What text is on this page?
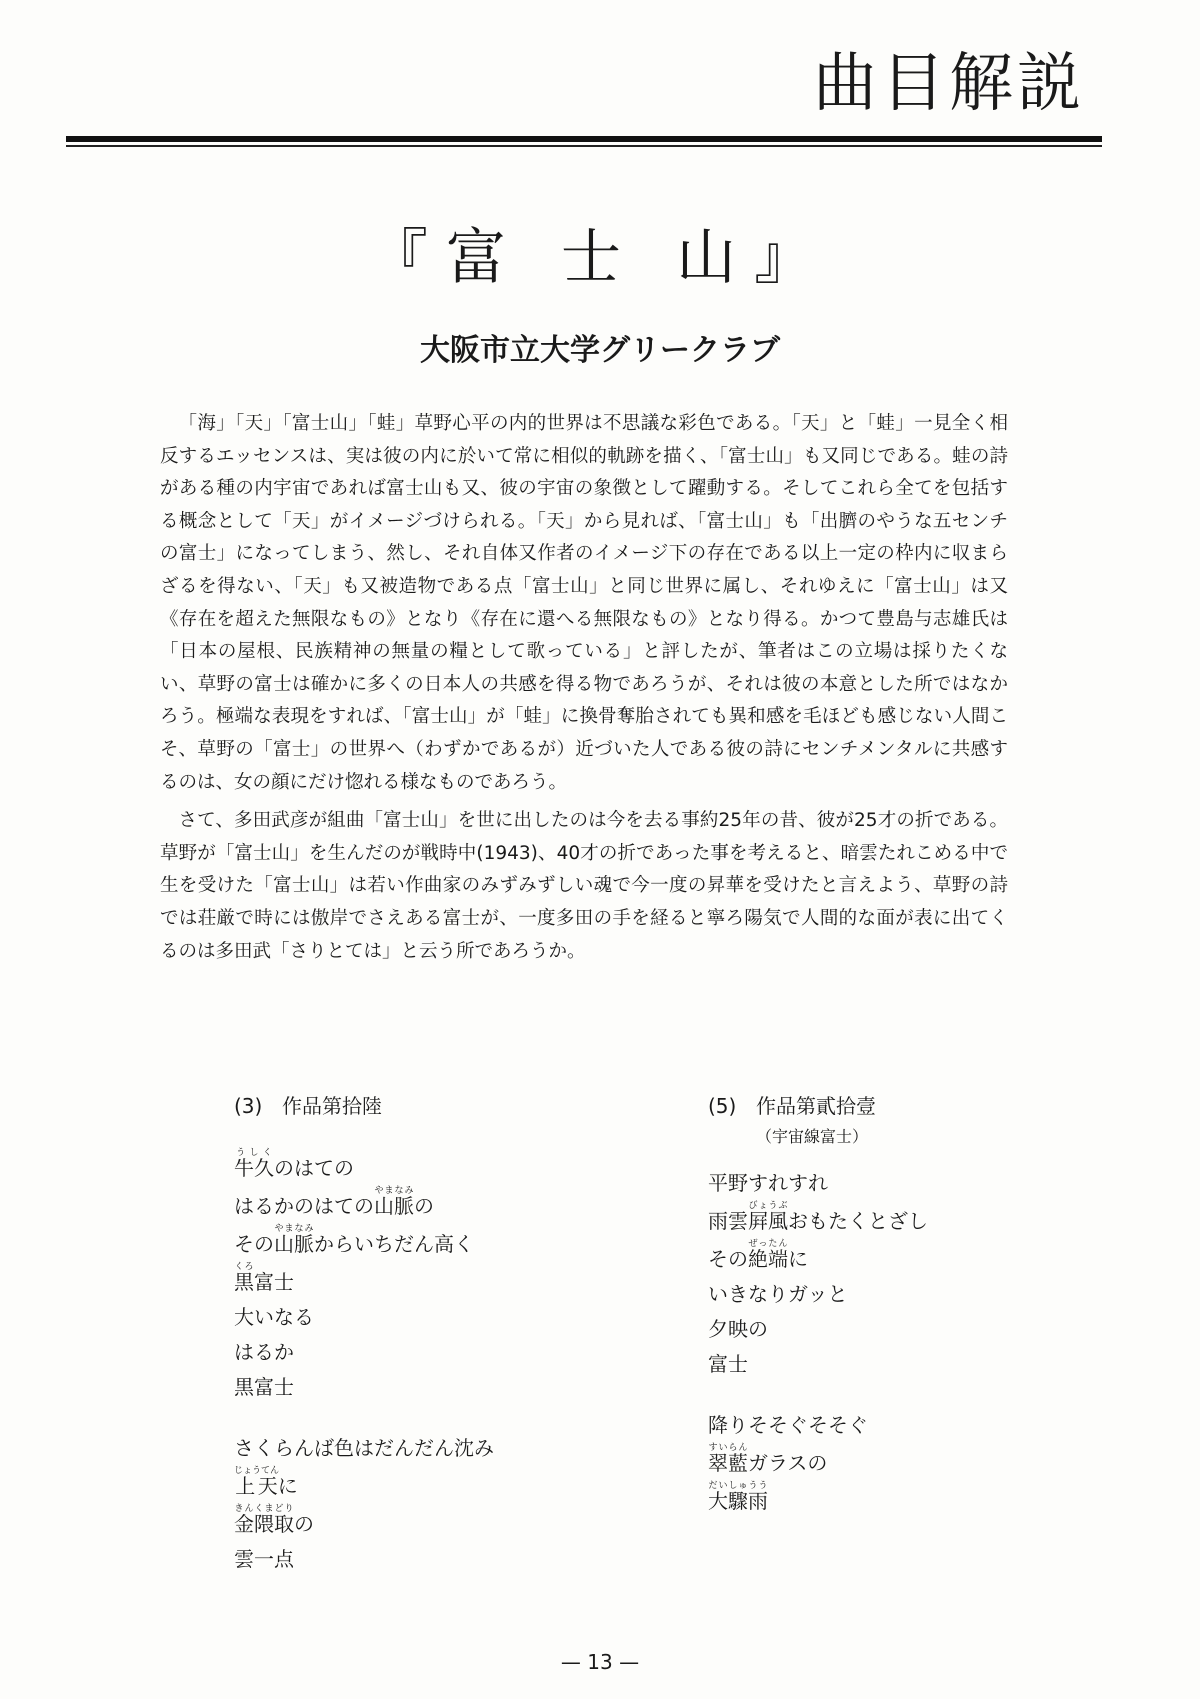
曲目解説
『富 士 山』
大阪市立大学グリークラブ

「海」「天」「富士山」「蛙」草野心平の内的世界は不思議な彩色である。「天」と「蛙」一見全く相反するエッセンスは、実は彼の内に於いて常に相似的軌跡を描く、「富士山」も又同じである。蛙の詩がある種の内宇宙であれば富士山も又、彼の宇宙の象徴として躍動する。そしてこれら全てを包括する概念として「天」がイメージづけられる。「天」から見れば、「富士山」も「出臍のやうな五センチの富士」になってしまう、然し、それ自体又作者のイメージ下の存在である以上一定の枠内に収まらざるを得ない、「天」も又被造物である点「富士山」と同じ世界に属し、それゆえに「富士山」は又《存在を超えた無限なもの》となり《存在に還へる無限なもの》となり得る。かつて豊島与志雄氏は「日本の屋根、民族精神の無量の糧として歌っている」と評したが、筆者はこの立場は採りたくない、草野の富士は確かに多くの日本人の共感を得る物であろうが、それは彼の本意とした所ではなかろう。極端な表現をすれば、「富士山」が「蛙」に換骨奪胎されても異和感を毛ほども感じない人間こそ、草野の「富士」の世界へ（わずかであるが）近づいた人である彼の詩にセンチメンタルに共感するのは、女の顔にだけ惚れる様なものであろう。

さて、多田武彦が組曲「富士山」を世に出したのは今を去る事約25年の昔、彼が25才の折である。草野が「富士山」を生んだのが戦時中(1943)、40才の折であった事を考えると、暗雲たれこめる中で生を受けた「富士山」は若い作曲家のみずみずしい魂で今一度の昇華を受けたと言えよう、草野の詩では荘厳で時には傲岸でさえある富士が、一度多田の手を経ると寧ろ陽気で人間的な面が表に出てくるのは多田武「さりとては」と云う所であろうか。

(3) 作品第拾陸
牛久うしくのはての
はるかのはての山脈やまなみの
その山脈やまなみからいちだん高く
黒くろ富士
大いなる
はるか
黒富士
さくらんば色はだんだん沈み
上天じょうてんに
金隈取きんくまどりの
雲一点
(5) 作品第貳拾壹
（宇宙線富士）
平野すれすれ
雨雲屛風びょうぶおもたくとざし
その絶端ぜったんに
いきなりガッと
夕映の
富士
降りそそぐそそぐ
翠藍すいらんガラスの
大驟雨だいしゅうう
— 13 —
